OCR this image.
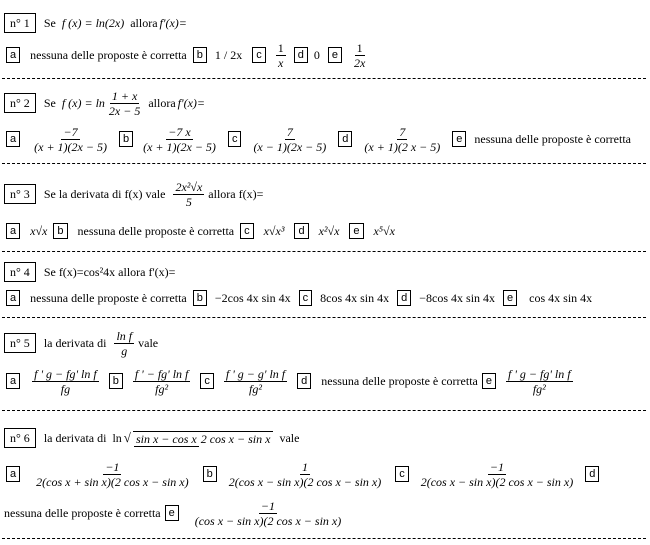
n° 1	Se f (x) = ln(2x) allora f'(x)=
a	nessuna delle proposte è corretta b	1 / 2x	c	$\frac{1}{x}$	d 0	e	$\frac{1}{2x}$
n° 2	Se f $(x) = \ln \frac{1 + x}{2x - 5}$ allora f'(x)=
a	$\frac{-7}{(x + 1)(2x - 5)}$	b	$\frac{-7 x}{(x + 1)(2x - 5)}$	c	$\frac{7}{(x - 1)(2x - 5)}$	d	$\frac{7}{(x + 1)(2 x - 5)}$	e	nessuna delle proposte è corretta
n° 3	Se la derivata di f(x) vale $\frac{\text{2x²√x}}{5}$ allora f(x)=
a	x√x b	nessuna delle proposte è corretta c	x√x³	d	x²√x	e	x⁵√x
n° 4	Se f(x)=cos²4x allora f'(x)=
a	nessuna delle proposte è corretta b	−2cos 4x sin 4x	c	8cos 4x sin 4x	d	−8cos 4x sin 4x	e	cos 4x sin 4x
n° 5	la derivata di $\frac{\text{ln f}}{g}$ vale
a	$\frac{\text{f ' g − fg' ln f}}{fg}$	b	$\frac{\text{f ' − fg' ln f}}{\text{fg²}}$	c	$\frac{\text{f ' g − g' ln f}}{\text{fg²}}$	d	nessuna delle proposte è corretta e	$\frac{\text{f ' g − fg' ln f}}{\text{fg²}}$
n° 6	la derivata di ln √ sin x − cos x 2 cos x − sin x vale
a	$\frac{-1}{\text{2(cos x + sin x)(2 cos x − sin x)}}$	b	$\frac{1}{\text{2(cos x − sin x)(2 cos x − sin x)}}$	c	$\frac{-1}{\text{2(cos x − sin x)(2 cos x − sin x)}}$	d
nessuna delle proposte è corretta e	$\frac{-1}{\text{(cos x − sin x)(2 cos x − sin x)}}$
